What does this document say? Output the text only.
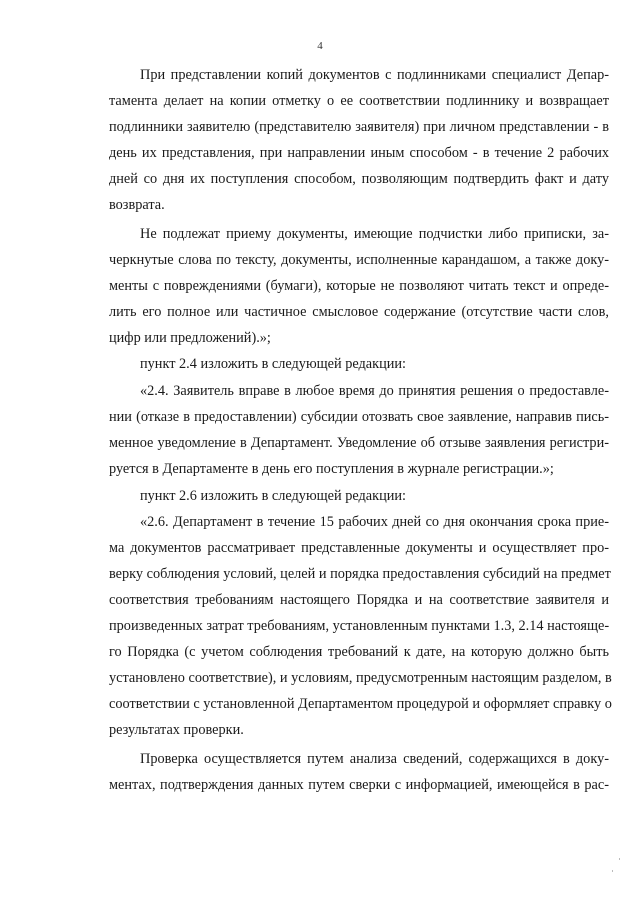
4
При представлении копий документов с подлинниками специалист Депар-
тамента делает на копии отметку о ее соответствии подлиннику и возвращает
подлинники заявителю (представителю заявителя) при личном представлении - в
день их представления, при направлении иным способом - в течение 2 рабочих
дней со дня их поступления способом, позволяющим подтвердить факт и дату
возврата.
Не подлежат приему документы, имеющие подчистки либо приписки, за-
черкнутые слова по тексту, документы, исполненные карандашом, а также доку-
менты с повреждениями (бумаги), которые не позволяют читать текст и опреде-
лить его полное или частичное смысловое содержание (отсутствие части слов,
цифр или предложений).»;
пункт 2.4 изложить в следующей редакции:
«2.4. Заявитель вправе в любое время до принятия решения о предоставле-
нии (отказе в предоставлении) субсидии отозвать свое заявление, направив пись-
менное уведомление в Департамент. Уведомление об отзыве заявления регистри-
руется в Департаменте в день его поступления в журнале регистрации.»;
пункт 2.6 изложить в следующей редакции:
«2.6. Департамент в течение 15 рабочих дней со дня окончания срока прие-
ма документов рассматривает представленные документы и осуществляет про-
верку соблюдения условий, целей и порядка предоставления субсидий на предмет
соответствия требованиям настоящего Порядка и на соответствие заявителя и
произведенных затрат требованиям, установленным пунктами 1.3, 2.14 настояще-
го Порядка (с учетом соблюдения требований к дате, на которую должно быть
установлено соответствие), и условиям, предусмотренным настоящим разделом, в
соответствии с установленной Департаментом процедурой и оформляет справку о
результатах проверки.
Проверка осуществляется путем анализа сведений, содержащихся в доку-
ментах, подтверждения данных путем сверки с информацией, имеющейся в рас-
